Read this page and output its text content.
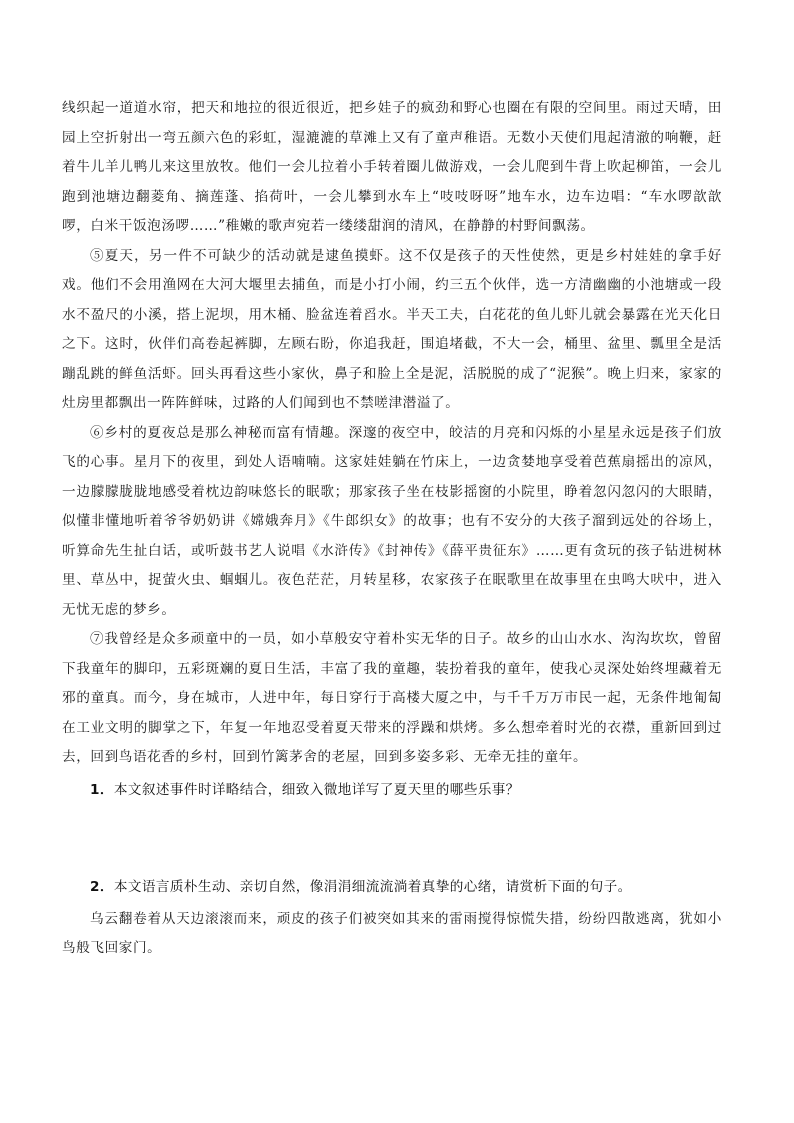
线织起一道道水帘，把天和地拉的很近很近，把乡娃子的疯劲和野心也圈在有限的空间里。雨过天晴，田园上空折射出一弯五颜六色的彩虹，湿漉漉的草滩上又有了童声稚语。无数小天使们甩起清澈的响鞭，赶着牛儿羊儿鸭儿来这里放牧。他们一会儿拉着小手转着圈儿做游戏，一会儿爬到牛背上吹起柳笛，一会儿跑到池塘边翻菱角、摘莲蓬、掐荷叶，一会儿攀到水车上“吱吱呀呀”地车水，边车边唱：“车水啰歆歆啰，白米干饭泡汤啰……”稚嫩的歌声宛若一缕缕甜润的清风，在静静的村野间飘荡。

⑤夏天，另一件不可缺少的活动就是逮鱼摸虾。这不仅是孩子的天性使然，更是乡村娃娃的拿手好戏。他们不会用渔网在大河大堰里去捕鱼，而是小打小闹，约三五个伙伴，选一方清幽幽的小池塘或一段水不盈尺的小溪，搭上泥坝，用木桶、脸盆连着舀水。半天工夫，白花花的鱼儿虾儿就会暴露在光天化日之下。这时，伙伴们高卷起裤脚，左顾右盼，你追我赶，围追堵截，不大一会，桶里、盆里、瓢里全是活蹦乱跳的鲜鱼活虾。回头再看这些小家伙，鼻子和脸上全是泥，活脱脱的成了“泥猴”。晚上归来，家家的灶房里都飘出一阵阵鲜味，过路的人们闻到也不禁嗟津潜溢了。

⑥乡村的夏夜总是那么神秘而富有情趣。深邃的夜空中，皎洁的月亮和闪烁的小星星永远是孩子们放飞的心事。星月下的夜里，到处人语喃喃。这家娃娃躺在竹床上，一边贪婪地享受着芭蕉扇摇出的凉风，一边朦朦胧胧地感受着枕边韵味悠长的眠歌；那家孩子坐在枝影摇窗的小院里，睁着忽闪忽闪的大眼睛，似懂非懂地听着爷爷奶奶讲《嫦娥奔月》《牛郎织女》的故事；也有不安分的大孩子溜到远处的谷场上，听算命先生扯白话，或听鼓书艺人说唱《水浒传》《封神传》《薛平贵征东》……更有贪玩的孩子钻进树林里、草丛中，捉萤火虫、蝈蝈儿。夜色茫茫，月转星移，农家孩子在眠歌里在故事里在虫鸣大吠中，进入无忧无虑的梦乡。

⑦我曾经是众多顽童中的一员，如小草般安守着朴实无华的日子。故乡的山山水水、沟沟坎坎，曾留下我童年的脚印，五彩斑斓的夏日生活，丰富了我的童趣，装扮着我的童年，使我心灵深处始终埋藏着无邪的童真。而今，身在城市，人进中年，每日穿行于高楼大厦之中，与千千万万市民一起，无条件地匍匐在工业文明的脚掌之下，年复一年地忍受着夏天带来的浮躁和烘烤。多么想牵着时光的衣襟，重新回到过去，回到鸟语花香的乡村，回到竹篱茅舍的老屋，回到多姿多彩、无牵无挂的童年。

1．本文叙述事件时详略结合，细致入微地详写了夏天里的哪些乐事？

2．本文语言质朴生动、亲切自然，像涓涓细流流淌着真挚的心绪，请赏析下面的句子。

乌云翻卷着从天边滚滚而来，顽皮的孩子们被突如其来的雷雨搅得惊慌失措，纷纷四散逃离，犹如小鸟般飞回家门。
